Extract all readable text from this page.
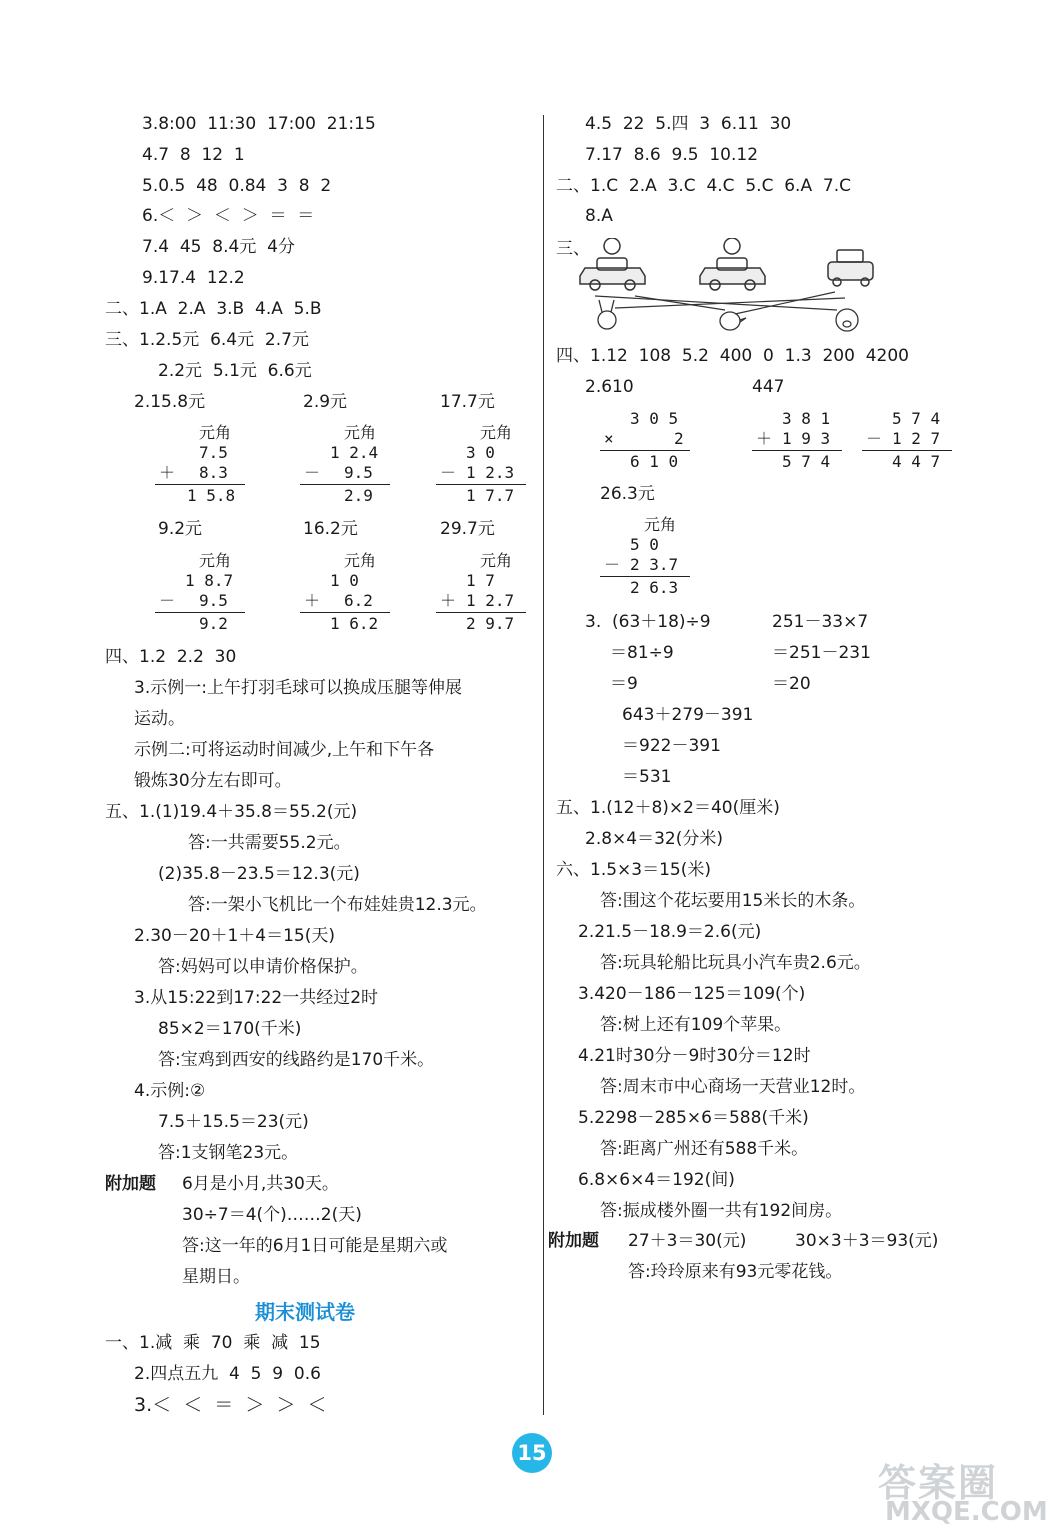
3.8:00  11:30  17:00  21:15
4.7  8  12  1
5.0.5  48  0.84  3  8  2
6.＜  ＞  ＜  ＞  ＝  ＝
7.4  45  8.4元  4分
9.17.4  12.2
二、1.A  2.A  3.B  4.A  5.B
三、1.2.5元  6.4元  2.7元
2.2元  5.1元  6.6元
2.15.8元	2.9元	17.7元
元角
7.5
＋ 8.3
1 5.8
元角
1 2.4
－ 9.5
2.9
元角
3 0
－ 1 2.3
1 7.7
9.2元	16.2元	29.7元
元角
1 8.7
－ 9.5
9.2
元角
1 0
＋ 6.2
1 6.2
元角
1 7
＋ 1 2.7
2 9.7
四、1.2  2.2  30
3.示例一:上午打羽毛球可以换成压腿等伸展
运动。
示例二:可将运动时间减少,上午和下午各
锻炼30分左右即可。
五、1.(1)19.4＋35.8＝55.2(元)
答:一共需要55.2元。
(2)35.8－23.5＝12.3(元)
答:一架小飞机比一个布娃娃贵12.3元。
2.30－20＋1＋4＝15(天)
答:妈妈可以申请价格保护。
3.从15:22到17:22一共经过2时
85×2＝170(千米)
答:宝鸡到西安的线路约是170千米。
4.示例:②
7.5＋15.5＝23(元)
答:1支钢笔23元。
附加题 6月是小月,共30天。
30÷7＝4(个)……2(天)
答:这一年的6月1日可能是星期六或
星期日。
期末测试卷
一、1.减  乘  70  乘  减  15
2.四点五九  4  5  9  0.6
3.＜  ＜  ＝  ＞  ＞  ＜
4.5  22  5.四  3  6.11  30
7.17  8.6  9.5  10.12
二、1.C  2.A  3.C  4.C  5.C  6.A  7.C
8.A
三、
四、1.12  108  5.2  400  0  1.3  200  4200
2.610	447
3 0 5
×	2
6 1 0
3 8 1
＋ 1 9 3
5 7 4
5 7 4
－ 1 2 7
4 4 7
26.3元
元角
5 0
－ 2 3.7
2 6.3
3.  (63＋18)÷9	251－33×7
＝81÷9	＝251－231
＝9	＝20
643＋279－391
＝922－391
＝531
五、1.(12＋8)×2＝40(厘米)
2.8×4＝32(分米)
六、1.5×3＝15(米)
答:围这个花坛要用15米长的木条。
2.21.5－18.9＝2.6(元)
答:玩具轮船比玩具小汽车贵2.6元。
3.420－186－125＝109(个)
答:树上还有109个苹果。
4.21时30分－9时30分＝12时
答:周末市中心商场一天营业12时。
5.2298－285×6＝588(千米)
答:距离广州还有588千米。
6.8×6×4＝192(间)
答:振成楼外圈一共有192间房。
附加题 27＋3＝30(元)	30×3＋3＝93(元)
答:玲玲原来有93元零花钱。
15
答案圈
MXQE.COM
